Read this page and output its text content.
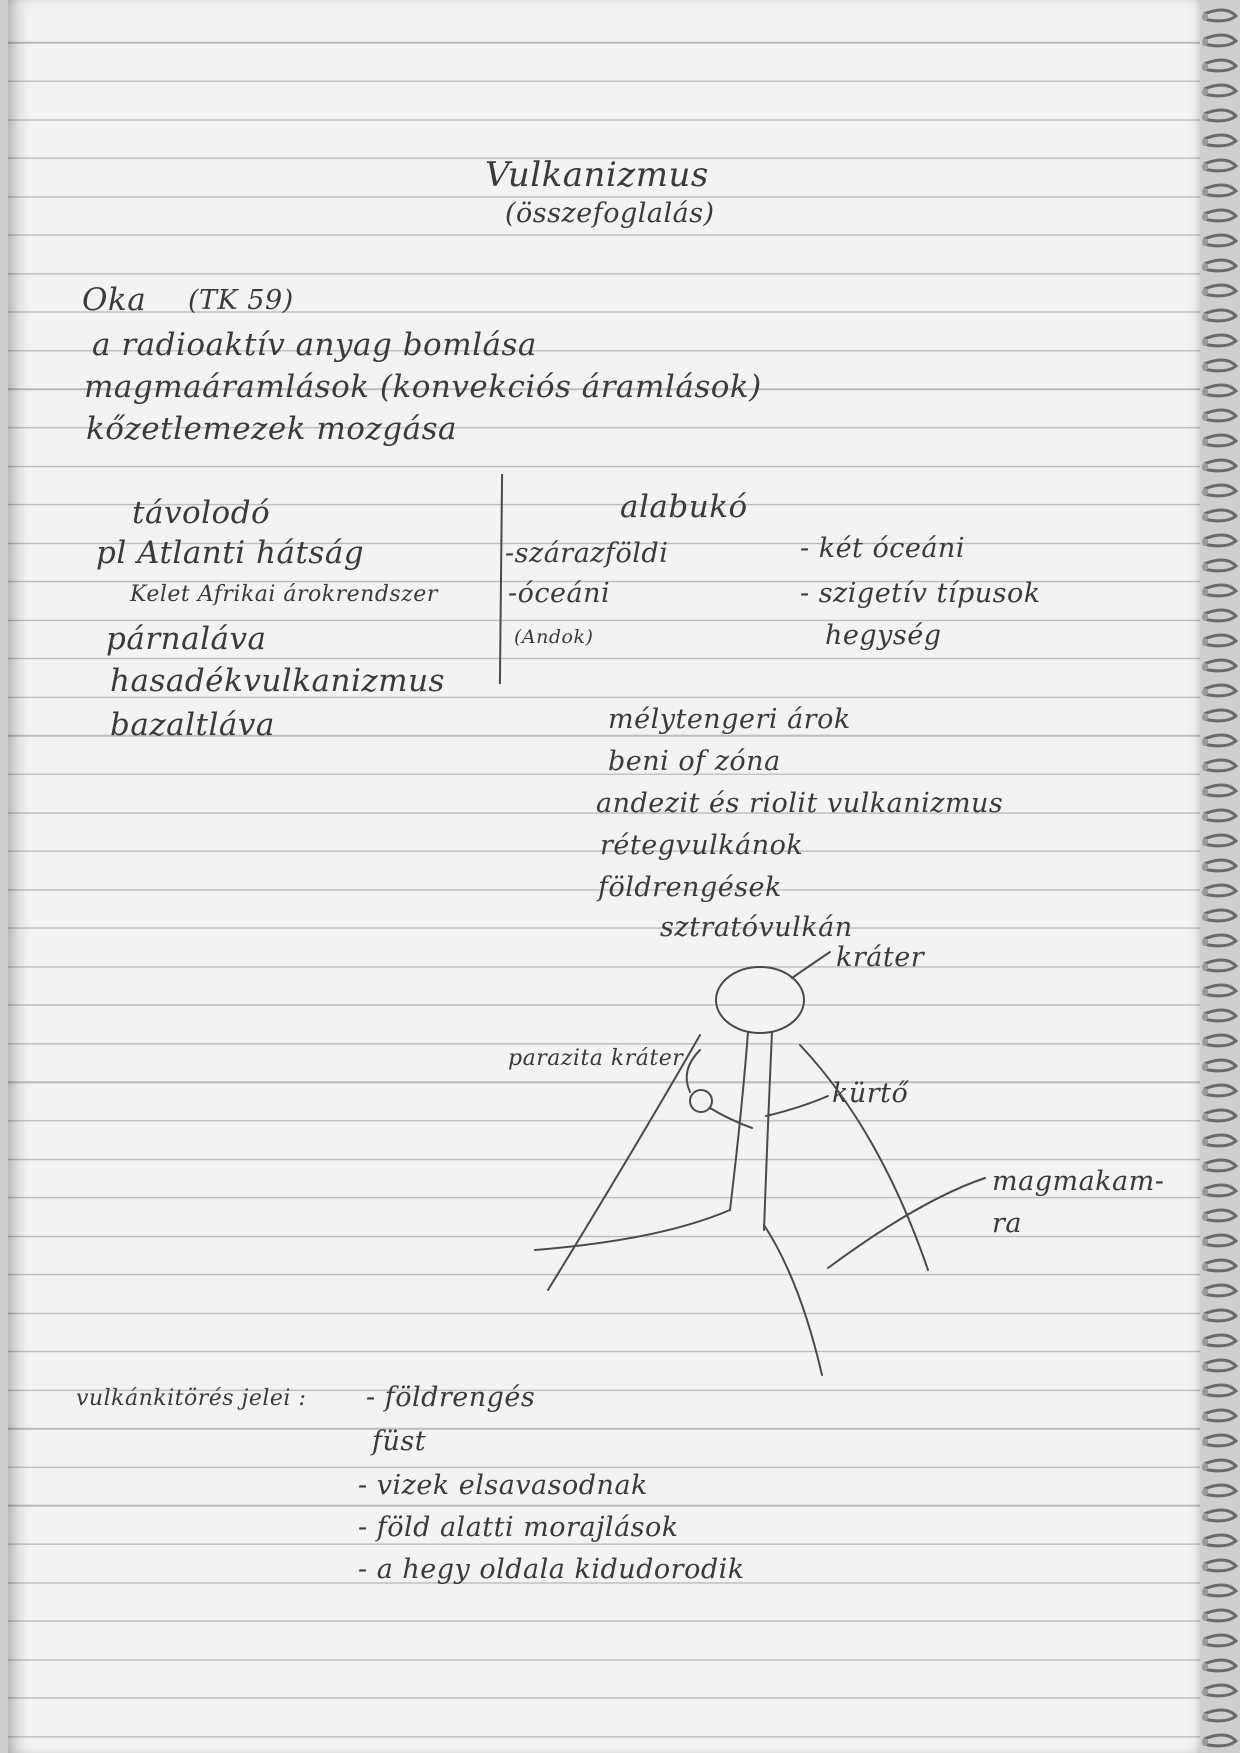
Vulkanizmus
(összefoglalás)
Oka (TK 59)
a radioaktív anyag bomlása
magmaáramlások (konvekciós áramlások)
kőzetlemezek mozgása
távolodó
pl Atlanti hátság
Kelet Afrikai árokrendszer
párnaláva
hasadékvulkanizmus
bazaltláva
alabukó
-szárazföldi
-óceáni
(Andok)
- két óceáni
- szigetív típusok
hegység
mélytengeri árok
beni of zóna
andezit és riolit vulkanizmus
rétegvulkánok
földrengések
sztratóvulkán
kráter
parazita kráter
kürtő
magmakam-
ra
vulkánkitörés jelei : - földrengés
füst
- vizek elsavasodnak
- föld alatti morajlások
- a hegy oldala kidudorodik
